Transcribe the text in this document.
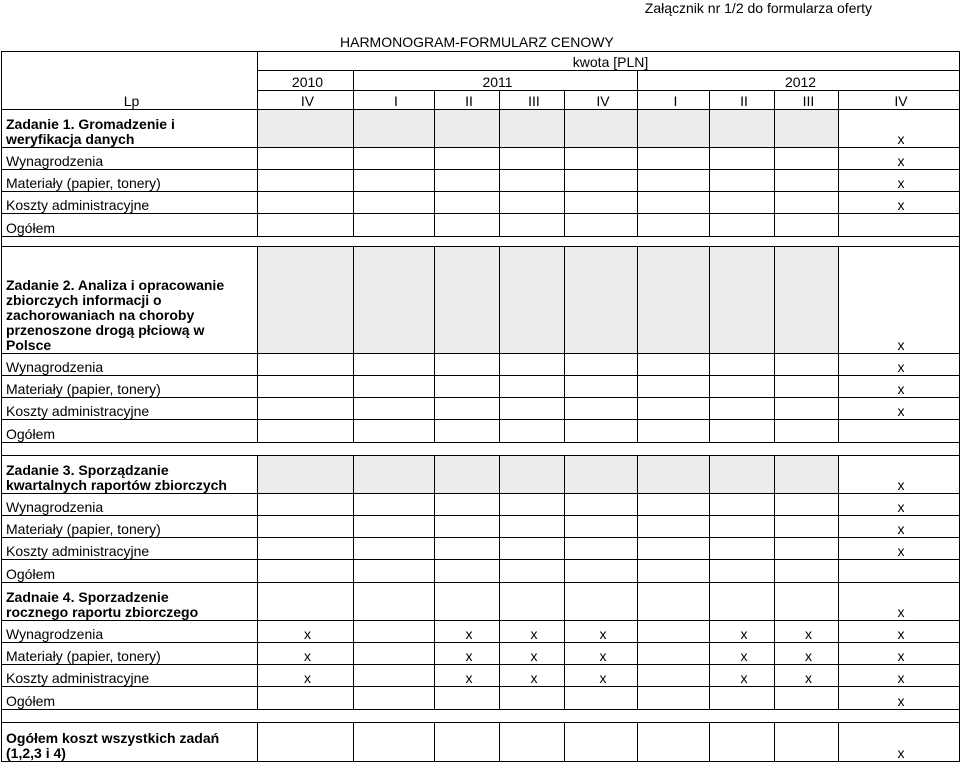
Załącznik nr 1/2 do formularza oferty
HARMONOGRAM-FORMULARZ CENOWY
Lp	kwota [PLN]								
	2010	2011				2012			
	IV	I	II	III	IV	I	II	III	IV
Zadanie 1. Gromadzenie i
weryfikacja danych									x
Wynagrodzenia									x
Materiały (papier, tonery)									x
Koszty administracyjne									x
Ogółem									

Zadanie 2. Analiza i opracowanie
zbiorczych informacji o
zachorowaniach na choroby
przenoszone drogą płciową w
Polsce									x
Wynagrodzenia									x
Materiały (papier, tonery)									x
Koszty administracyjne									x
Ogółem									

Zadanie 3. Sporządzanie
kwartalnych raportów zbiorczych									x
Wynagrodzenia									x
Materiały (papier, tonery)									x
Koszty administracyjne									x
Ogółem									
Zadnaie 4. Sporzadzenie
rocznego raportu zbiorczego									x
Wynagrodzenia	x		x	x	x		x	x	x
Materiały (papier, tonery)	x		x	x	x		x	x	x
Koszty administracyjne	x		x	x	x		x	x	x
Ogółem									x

Ogółem koszt wszystkich zadań
(1,2,3 i 4)									x
